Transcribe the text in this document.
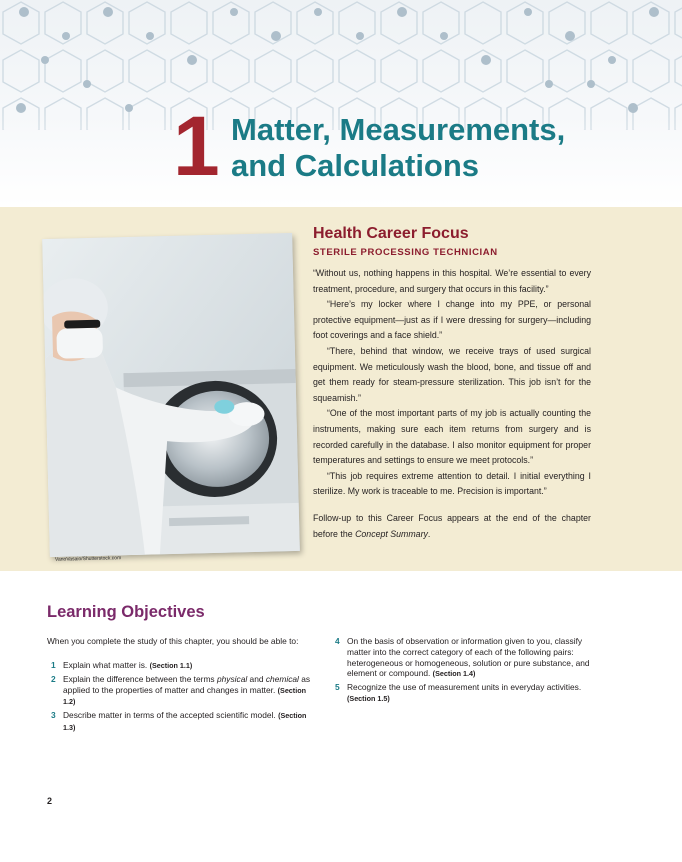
1 Matter, Measurements,
and Calculations
VanoVasaio/Shutterstock.com
Health Career Focus
STERILE PROCESSING TECHNICIAN

“Without us, nothing happens in this hospital. We’re essential to every treatment, procedure, and surgery that occurs in this facility.”

“Here’s my locker where I change into my PPE, or personal protective equipment—just as if I were dressing for surgery—including foot coverings and a face shield.”

“There, behind that window, we receive trays of used surgical equipment. We meticulously wash the blood, bone, and tissue off and get them ready for steam-pressure sterilization. This job isn’t for the squeamish.”

“One of the most important parts of my job is actually counting the instruments, making sure each item returns from surgery and is recorded carefully in the database. I also monitor equipment for proper temperatures and settings to ensure we meet protocols.”

“This job requires extreme attention to detail. I initial everything I sterilize. My work is traceable to me. Precision is important.”

Follow-up to this Career Focus appears at the end of the chapter before the Concept Summary.

Learning Objectives

When you complete the study of this chapter, you should be able to:

1 Explain what matter is. (Section 1.1)
2 Explain the difference between the terms physical and chemical as applied to the properties of matter and changes in matter. (Section 1.2)
3 Describe matter in terms of the accepted scientific model. (Section 1.3)
4 On the basis of observation or information given to you, classify matter into the correct category of each of the following pairs: heterogeneous or homogeneous, solution or pure substance, and element or compound. (Section 1.4)
5 Recognize the use of measurement units in everyday activities. (Section 1.5)
2
